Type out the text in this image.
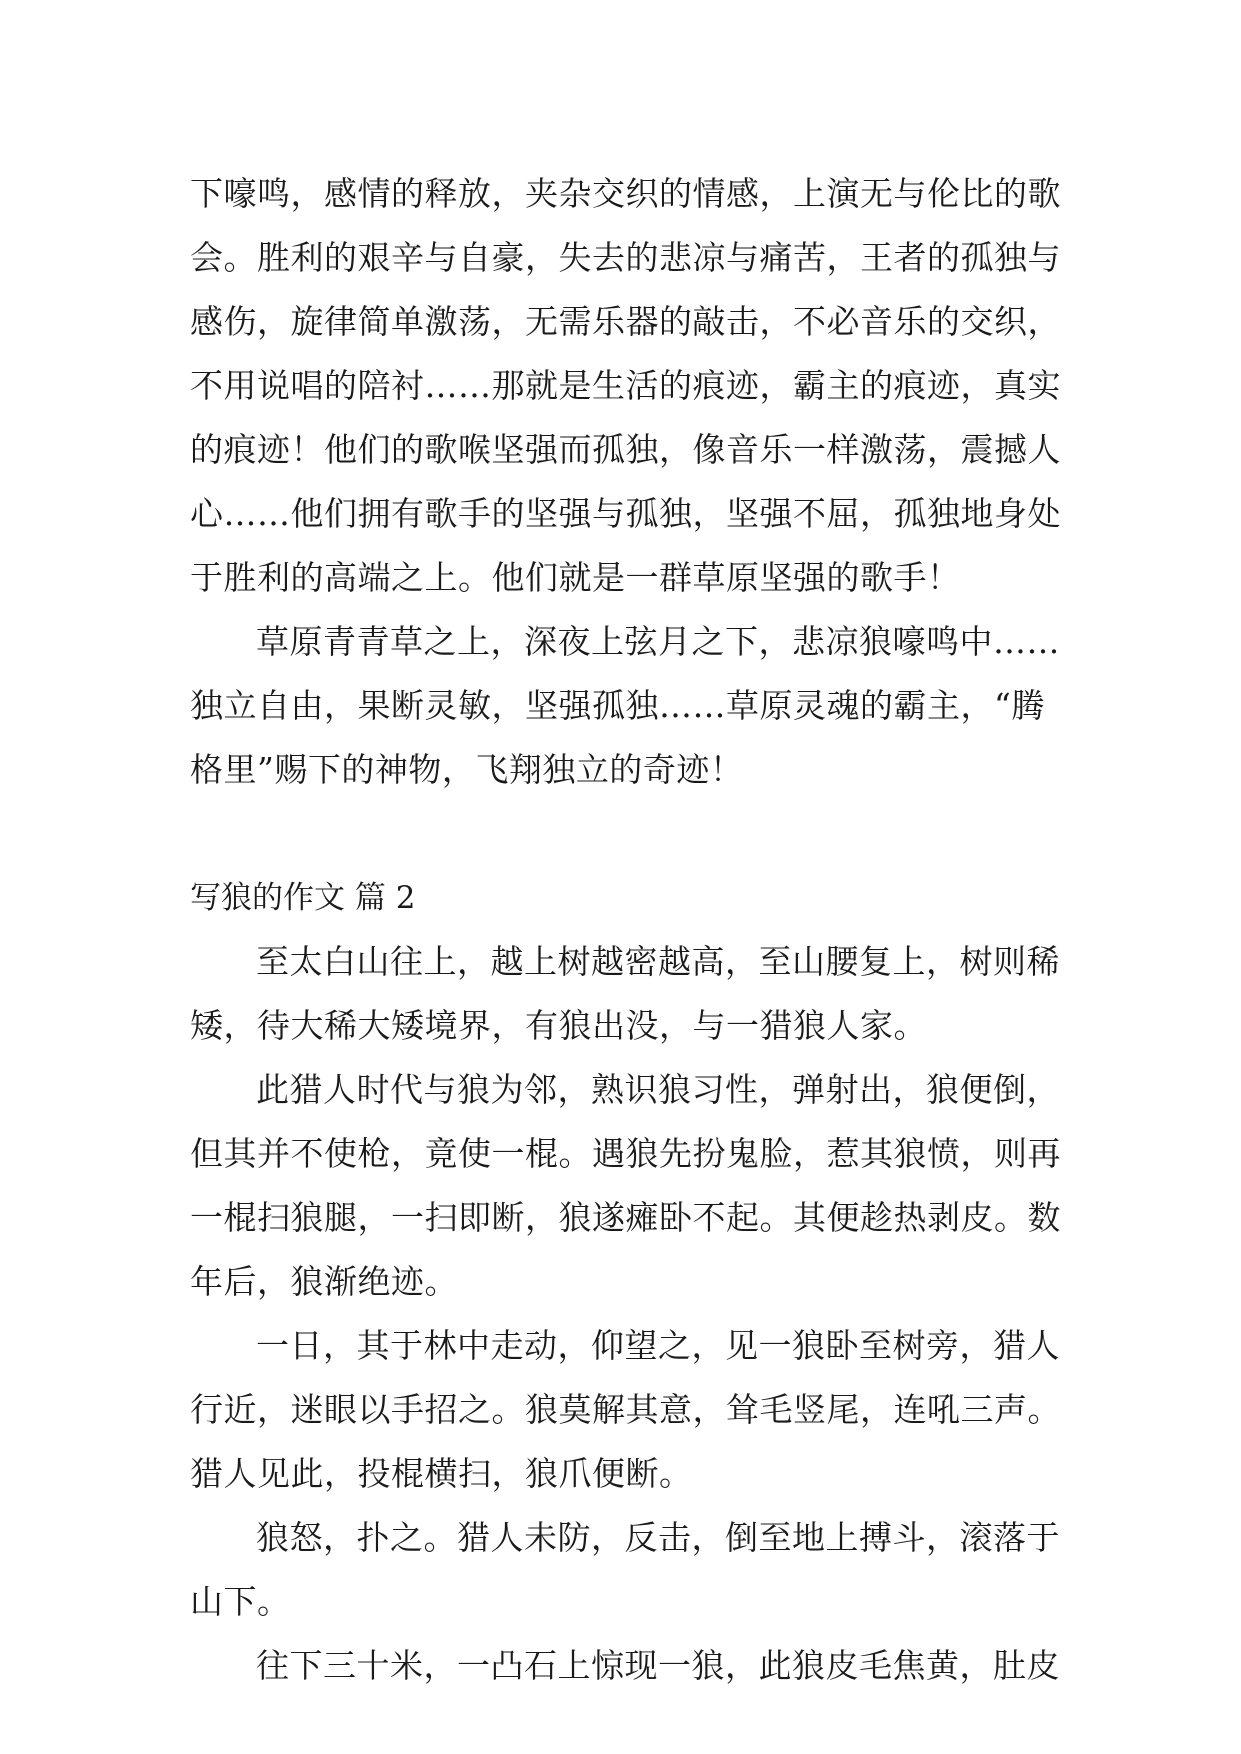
下嚎鸣，感情的释放，夹杂交织的情感，上演无与伦比的歌
会。胜利的艰辛与自豪，失去的悲凉与痛苦，王者的孤独与
感伤，旋律简单激荡，无需乐器的敲击，不必音乐的交织，
不用说唱的陪衬……那就是生活的痕迹，霸主的痕迹，真实
的痕迹！他们的歌喉坚强而孤独，像音乐一样激荡，震撼人
心……他们拥有歌手的坚强与孤独，坚强不屈，孤独地身处
于胜利的高端之上。他们就是一群草原坚强的歌手！
草原青青草之上，深夜上弦月之下，悲凉狼嚎鸣中……
独立自由，果断灵敏，坚强孤独……草原灵魂的霸主，“腾
格里”赐下的神物，飞翔独立的奇迹！
写狼的作文 篇 2
至太白山往上，越上树越密越高，至山腰复上，树则稀
矮，待大稀大矮境界，有狼出没，与一猎狼人家。
此猎人时代与狼为邻，熟识狼习性，弹射出，狼便倒，
但其并不使枪，竟使一棍。遇狼先扮鬼脸，惹其狼愤，则再
一棍扫狼腿，一扫即断，狼遂瘫卧不起。其便趁热剥皮。数
年后，狼渐绝迹。
一日，其于林中走动，仰望之，见一狼卧至树旁，猎人
行近，迷眼以手招之。狼莫解其意，耸毛竖尾，连吼三声。
猎人见此，投棍横扫，狼爪便断。
狼怒，扑之。猎人未防，反击，倒至地上搏斗，滚落于
山下。
往下三十米，一凸石上惊现一狼，此狼皮毛焦黄，肚皮
